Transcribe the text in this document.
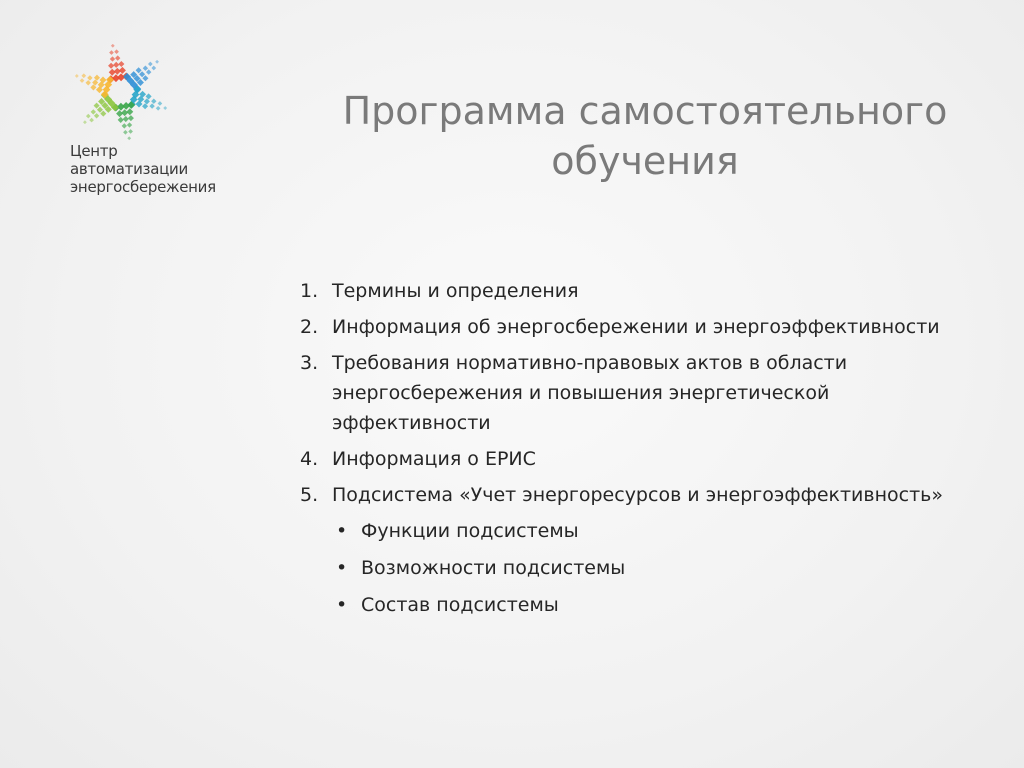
Центр
автоматизации
энергосбережения
Программа самостоятельного
обучения
1. Термины и определения
2. Информация об энергосбережении и энергоэффективности
3. Требования нормативно-правовых актов в области энергосбережения и повышения энергетической эффективности
4. Информация о ЕРИС
5. Подсистема «Учет энергоресурсов и энергоэффективность»
• Функции подсистемы
• Возможности подсистемы
• Состав подсистемы
